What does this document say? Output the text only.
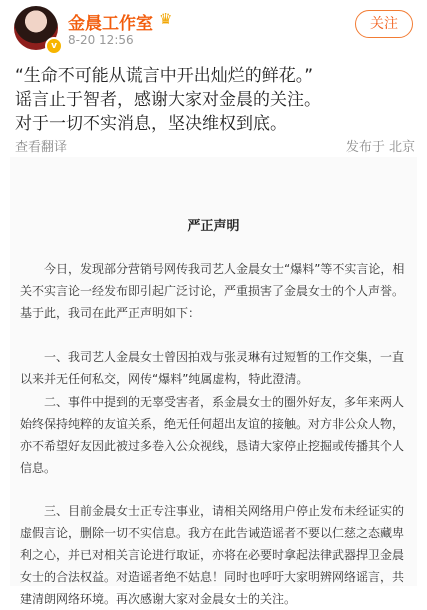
v
金晨工作室 ♛
8-20 12:56
关注
“生命不可能从谎言中开出灿烂的鲜花。”
谣言止于智者，感谢大家对金晨的关注。
对于一切不实消息，坚决维权到底。
查看翻译	发布于 北京
严正声明
　　今日，发现部分营销号网传我司艺人金晨女士“爆料”等不实言论，相关不实言论一经发布即引起广泛讨论，严重损害了金晨女士的个人声誉。基于此，我司在此严正声明如下：
　　一、我司艺人金晨女士曾因拍戏与张灵琳有过短暂的工作交集，一直以来并无任何私交，网传“爆料”纯属虚构，特此澄清。
　　二、事件中提到的无辜受害者，系金晨女士的圈外好友，多年来两人始终保持纯粹的友谊关系，绝无任何超出友谊的接触。对方非公众人物，亦不希望好友因此被过多卷入公众视线，恳请大家停止挖掘或传播其个人信息。
　　三、目前金晨女士正专注事业，请相关网络用户停止发布未经证实的虚假言论，删除一切不实信息。我方在此告诫造谣者不要以仁慈之态藏卑利之心，并已对相关言论进行取证，亦将在必要时拿起法律武器捍卫金晨女士的合法权益。对造谣者绝不姑息！同时也呼吁大家明辨网络谣言，共建清朗网络环境。再次感谢大家对金晨女士的关注。
